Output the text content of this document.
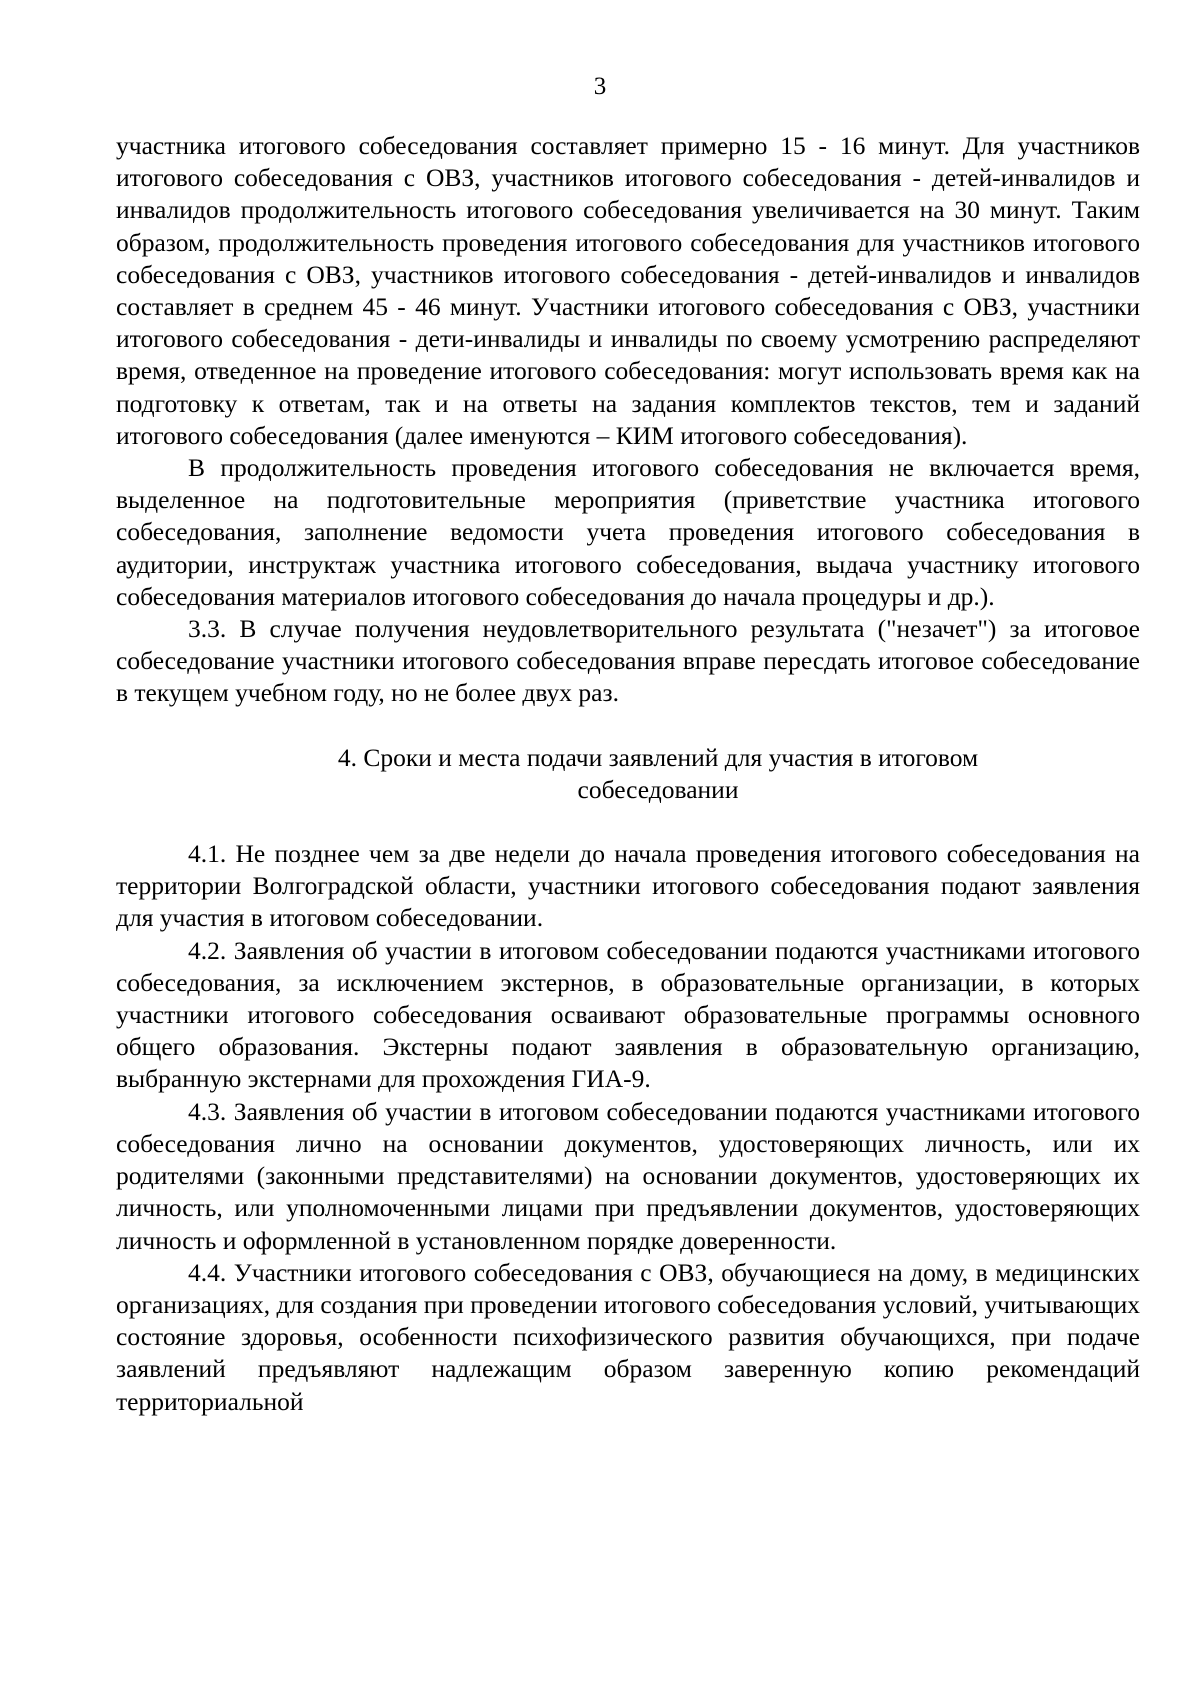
3

участника итогового собеседования составляет примерно 15 - 16 минут. Для участников итогового собеседования с ОВЗ, участников итогового собеседования - детей-инвалидов и инвалидов продолжительность итогового собеседования увеличивается на 30 минут. Таким образом, продолжительность проведения итогового собеседования для участников итогового собеседования с ОВЗ, участников итогового собеседования - детей-инвалидов и инвалидов составляет в среднем 45 - 46 минут. Участники итогового собеседования с ОВЗ, участники итогового собеседования - дети-инвалиды и инвалиды по своему усмотрению распределяют время, отведенное на проведение итогового собеседования: могут использовать время как на подготовку к ответам, так и на ответы на задания комплектов текстов, тем и заданий итогового собеседования (далее именуются – КИМ итогового собеседования).

В продолжительность проведения итогового собеседования не включается время, выделенное на подготовительные мероприятия (приветствие участника итогового собеседования, заполнение ведомости учета проведения итогового собеседования в аудитории, инструктаж участника итогового собеседования, выдача участнику итогового собеседования материалов итогового собеседования до начала процедуры и др.).

3.3. В случае получения неудовлетворительного результата ("незачет") за итоговое собеседование участники итогового собеседования вправе пересдать итоговое собеседование в текущем учебном году, но не более двух раз.

4. Сроки и места подачи заявлений для участия в итоговом
собеседовании

4.1. Не позднее чем за две недели до начала проведения итогового собеседования на территории Волгоградской области, участники итогового собеседования подают заявления для участия в итоговом собеседовании.

4.2. Заявления об участии в итоговом собеседовании подаются участниками итогового собеседования, за исключением экстернов, в образовательные организации, в которых участники итогового собеседования осваивают образовательные программы основного общего образования. Экстерны подают заявления в образовательную организацию, выбранную экстернами для прохождения ГИА-9.

4.3. Заявления об участии в итоговом собеседовании подаются участниками итогового собеседования лично на основании документов, удостоверяющих личность, или их родителями (законными представителями) на основании документов, удостоверяющих их личность, или уполномоченными лицами при предъявлении документов, удостоверяющих личность и оформленной в установленном порядке доверенности.

4.4. Участники итогового собеседования с ОВЗ, обучающиеся на дому, в медицинских организациях, для создания при проведении итогового собеседования условий, учитывающих состояние здоровья, особенности психофизического развития обучающихся, при подаче заявлений предъявляют надлежащим образом заверенную копию рекомендаций территориальной
